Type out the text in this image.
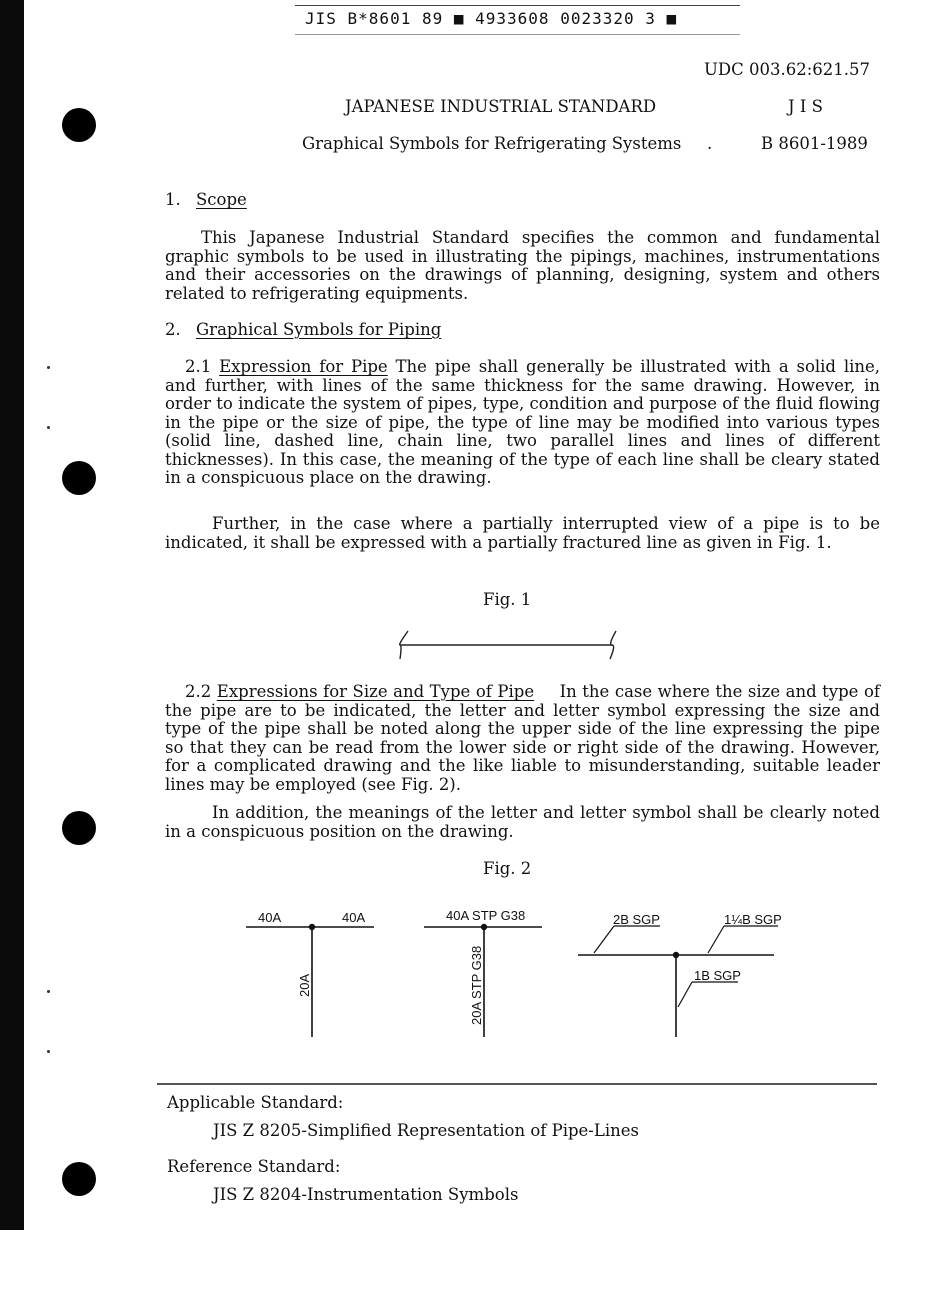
JIS B*8601 89 ■ 4933608 0023320 3 ■
UDC 003.62:621.57
JAPANESE INDUSTRIAL STANDARD	J I S
Graphical Symbols for Refrigerating Systems .	B 8601-1989
1. Scope
This Japanese Industrial Standard specifies the common and fundamental graphic symbols to be used in illustrating the pipings, machines, instrumentations and their accessories on the drawings of planning, designing, system and others related to refrigerating equipments.
2. Graphical Symbols for Piping
2.1 Expression for Pipe The pipe shall generally be illustrated with a solid line, and further, with lines of the same thickness for the same drawing. However, in order to indicate the system of pipes, type, condition and purpose of the fluid flowing in the pipe or the size of pipe, the type of line may be modified into various types (solid line, dashed line, chain line, two parallel lines and lines of different thicknesses). In this case, the meaning of the type of each line shall be cleary stated in a conspicuous place on the drawing.
Further, in the case where a partially interrupted view of a pipe is to be indicated, it shall be expressed with a partially fractured line as given in Fig. 1.
Fig. 1
2.2 Expressions for Size and Type of Pipe In the case where the size and type of the pipe are to be indicated, the letter and letter symbol expressing the size and type of the pipe shall be noted along the upper side of the line expressing the pipe so that they can be read from the lower side or right side of the drawing. However, for a complicated drawing and the like liable to misunderstanding, suitable leader lines may be employed (see Fig. 2).
In addition, the meanings of the letter and letter symbol shall be clearly noted in a conspicuous position on the drawing.
Fig. 2
40A	40A
20A
40A STP G38
20A STP G38
2B SGP	1¼B SGP
1B SGP
Applicable Standard:
JIS Z 8205-Simplified Representation of Pipe-Lines
Reference Standard:
JIS Z 8204-Instrumentation Symbols
